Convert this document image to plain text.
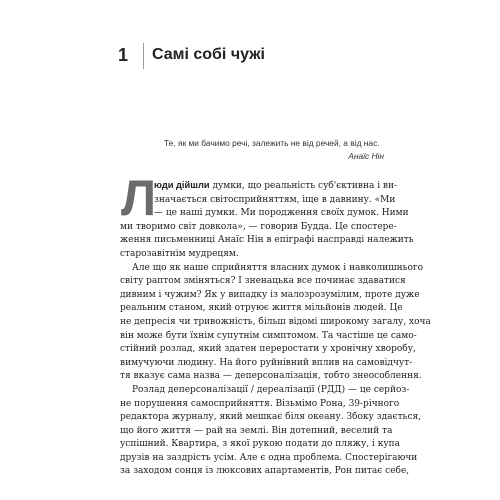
1 Самі собі чужі
Те, як ми бачимо речі, залежить не від речей, а від нас.
Анаїс Нін
Л
юди дійшли думки, що реальність суб'єктивна і ви-
значається світосприйняттям, іще в давнину. «Ми
— це наші думки. Ми породження своїх думок. Ними
ми творимо світ довкола», — говорив Будда. Це спостере-
ження письменниці Анаїс Нін в епіграфі насправді належить
старозавітнім мудрецям.
Але що як наше сприйняття власних думок і навколишнього
світу раптом зміняться? І зненацька все починає здаватися
дивним і чужим? Як у випадку із малозрозумілим, проте дуже
реальним станом, який отруює життя мільйонів людей. Це
не депресія чи тривожність, більш відомі широкому загалу, хоча
він може бути їхнім супутнім симптомом. Та частіше це само-
стійний розлад, який здатен переростати у хронічну хворобу,
вимучуючи людину. На його руйнівний вплив на самовідчут-
тя вказує сама назва — деперсоналізація, тобто знеособлення.
Розлад деперсоналізації / дереалізації (РДД) — це серйоз-
не порушення самосприйняття. Візьмімо Рона, 39-річного
редактора журналу, який мешкає біля океану. Збоку здається,
що його життя — рай на землі. Він дотепний, веселий та
успішний. Квартира, з якої рукою подати до пляжу, і купа
друзів на заздрість усім. Але є одна проблема. Спостерігаючи
за заходом сонця із люксових апартаментів, Рон питає себе,
